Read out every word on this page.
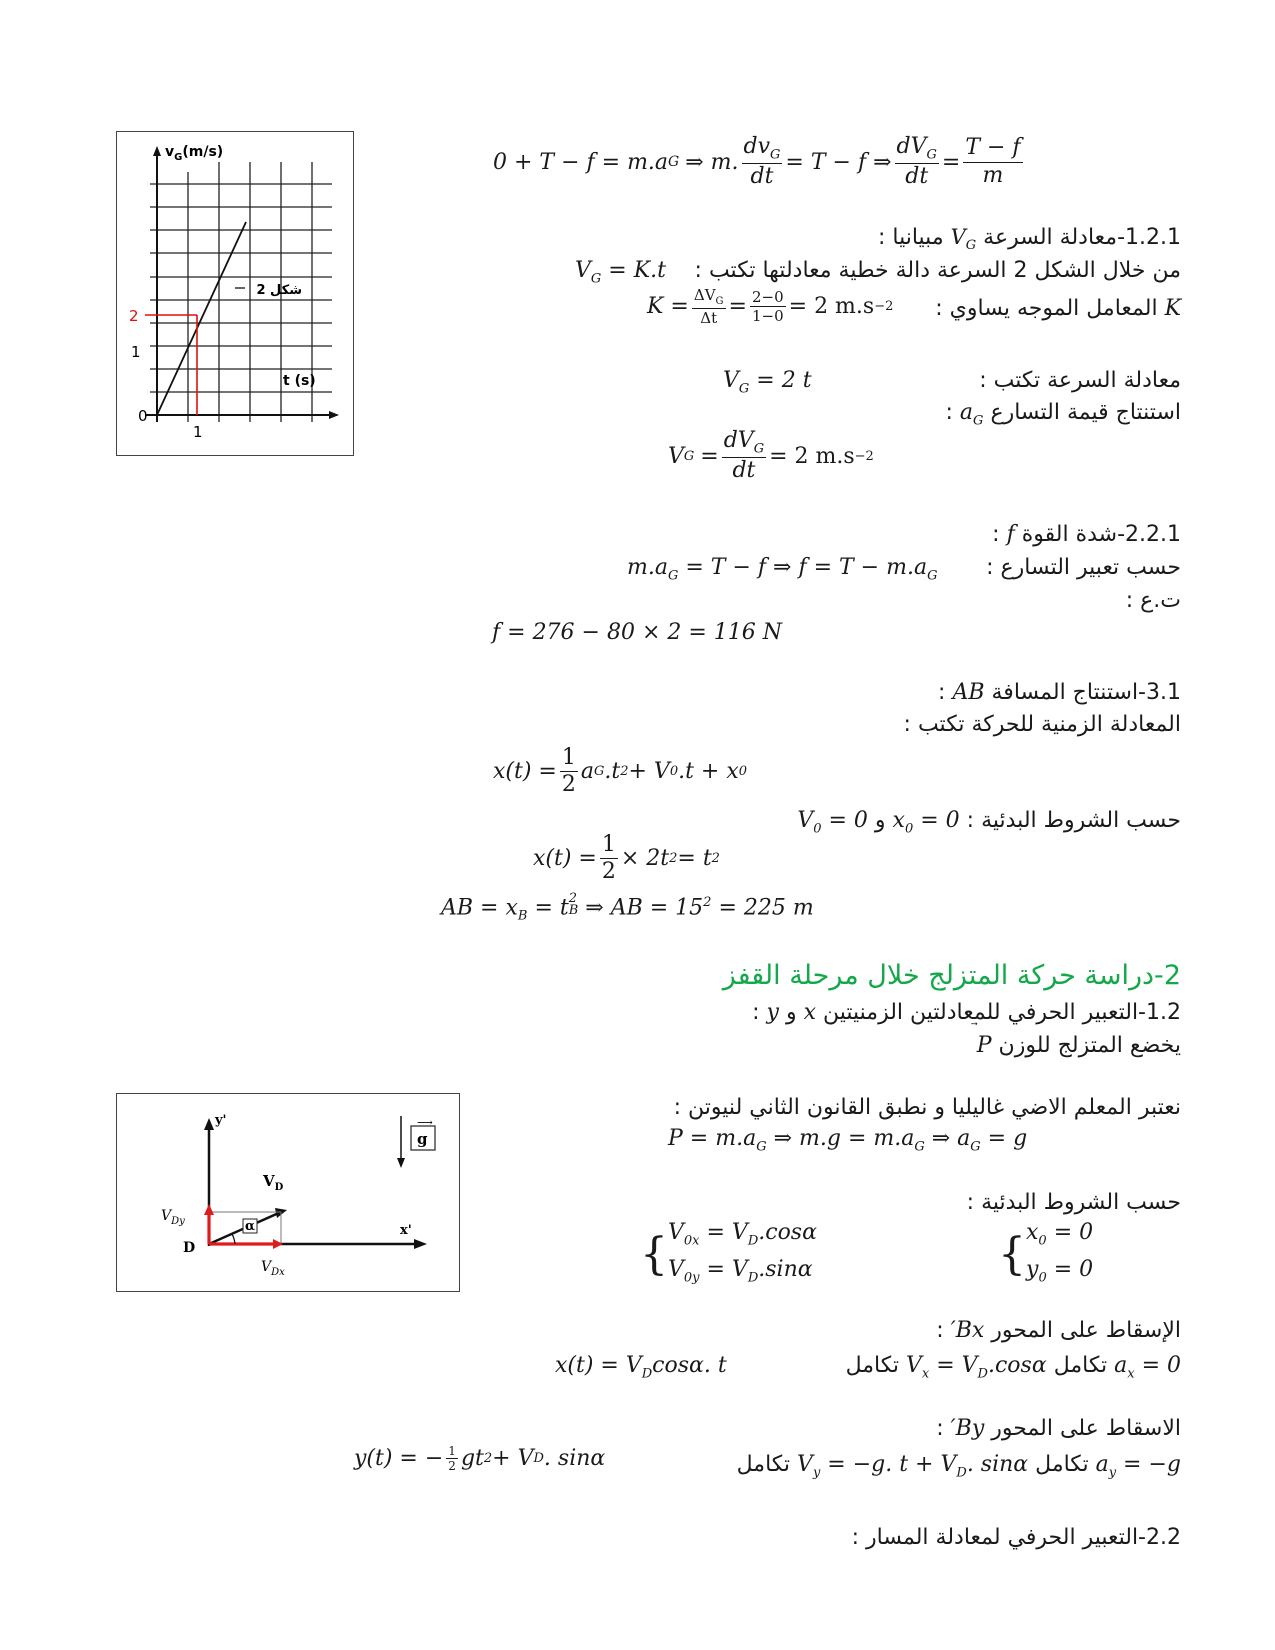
$v_G(m/s)$
t (s)
شكل 2
2
1
0
1
0 + T − f = m.a G ⇒ m. $\frac{dv_G}{dt} = T - f$ ⇒ $\frac{dV_G}{dt} = \frac{T - f}{m}$
1.2.1-معادلة السرعة $V_G$ مبيانيا :
من خلال الشكل 2 السرعة دالة خطية معادلتها تكتب :
$V_G = K.t$
K المعامل الموجه يساوي :
$K = \frac{\Delta V_G}{\Delta t} = \frac{2-0}{1-0} = 2$ m.s −2
معادلة السرعة تكتب :
$V_G = 2$ t
استنتاج قيمة التسارع $a_G$ :
V $G = \frac{dV_G}{dt} = 2$ m.s −2
2.2.1-شدة القوة f :
حسب تعبير التسارع :
$m.a_G = T - f$ ⇒ $f = T - m.a_G$
ت.ع :
f = 276 − 80 × 2 = 116 N
3.1-استنتاج المسافة AB :
المعادلة الزمنية للحركة تكتب :
$x(t) = \frac{1}{2}$ a G .t 2 + V 0 .t + x 0
حسب الشروط البدئية : $x_0 = 0$ و $V_0 = 0$
$x(t) = \frac{1}{2} \times 2t$ 2 = t 2
AB = $x_B = t$ 2
B ⇒ AB = $15^2 = 225$ m
2-دراسة حركة المتزلج خلال مرحلة القفز
1.2-التعبير الحرفي للمعادلتين الزمنيتين x و y :
يخضع المتزلج للوزن P
g
⟶
y'
x'
$V_D$
$V_{Dy}$
$V_{Dx}$
D
α
نعتبر المعلم الاضي غاليليا و نطبق القانون الثاني لنيوتن :
$P = m.a_G$ ⇒ $m.g = m.a_G$ ⇒ $a_G = g$
حسب الشروط البدئية :
{ $V_{0x} = V_D.\cos\alpha$
$V_{0y} = V_D.\sin\alpha$	{ $x_0 = 0$
$y_0 = 0$
الإسقاط على المحور Bx′ :
$a_x = 0$ تكامل $V_x = V_D.\cos\alpha$ تكامل
$x(t) = V_D\cos\alpha$. t
الاسقاط على المحور By′ :
$a_y = -g$ تكامل $V_y = -g$. $t + V_D$. sinα تكامل
y(t) = − $\frac{1}{2}$ gt 2 + V D . sinα
2.2-التعبير الحرفي لمعادلة المسار :
